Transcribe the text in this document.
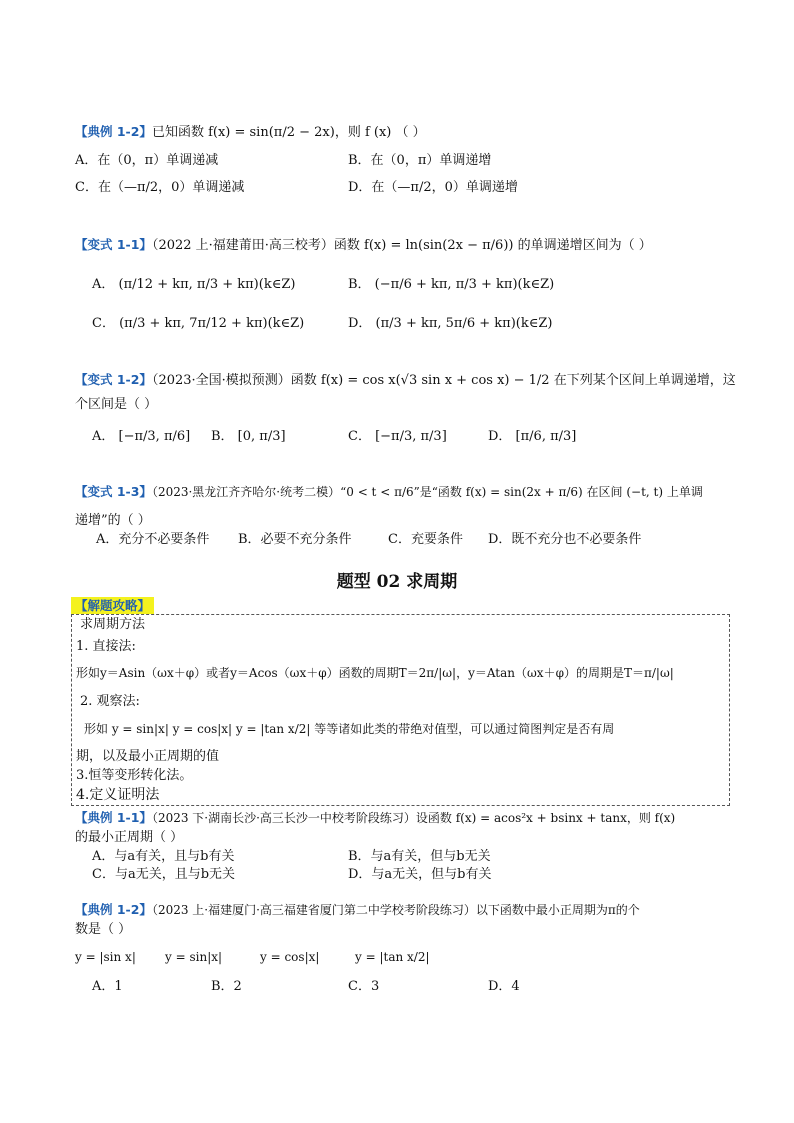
【典例 1-2】已知函数 f(x) = sin(π/2 − 2x)，则 f (x) （ ）
A．在（0，π）单调递减	B．在（0，π）单调递增
C．在（—π/2，0）单调递减	D．在（—π/2，0）单调递增
【变式 1-1】（2022 上·福建莆田·高三校考）函数 f(x) = ln(sin(2x − π/6)) 的单调递增区间为（ ）
A． (π/12 + kπ, π/3 + kπ)(k∈Z)	B． (−π/6 + kπ, π/3 + kπ)(k∈Z)
C． (π/3 + kπ, 7π/12 + kπ)(k∈Z)	D． (π/3 + kπ, 5π/6 + kπ)(k∈Z)
【变式 1-2】（2023·全国·模拟预测）函数 f(x) = cos x(√3 sin x + cos x) − 1/2 在下列某个区间上单调递增，这
个区间是（ ）
A． [−π/3, π/6] B． [0, π/3]	C． [−π/3, π/3]	D． [π/6, π/3]
【变式 1-3】（2023·黑龙江齐齐哈尔·统考二模）“0 < t < π/6”是“函数 f(x) = sin(2x + π/6) 在区间 (−t, t) 上单调
递增”的（ ）
A．充分不必要条件 B．必要不充分条件	C．充要条件 D．既不充分也不必要条件
题型 02 求周期
【解题攻略】
求周期方法
1. 直接法:
形如y＝Asin（ωx＋φ）或者y＝Acos（ωx＋φ）函数的周期T＝2π/|ω|，y＝Atan（ωx＋φ）的周期是T＝π/|ω|
2. 观察法:
形如 y = sin|x| y = cos|x| y = |tan x/2| 等等诸如此类的带绝对值型，可以通过简图判定是否有周
期，以及最小正周期的值
3.恒等变形转化法。
4.定义证明法
【典例 1-1】（2023 下·湖南长沙·高三长沙一中校考阶段练习）设函数 f(x) = acos²x + bsinx + tanx，则 f(x)
的最小正周期（ ）
A．与a有关，且与b有关	B．与a有关，但与b无关
C．与a无关，且与b无关	D．与a无关，但与b有关
【典例 1-2】（2023 上·福建厦门·高三福建省厦门第二中学校考阶段练习）以下函数中最小正周期为π的个
数是（ ）
y = |sin x| y = sin|x|	y = cos|x|	y = |tan x/2|
A．1	B．2	C．3	D．4
